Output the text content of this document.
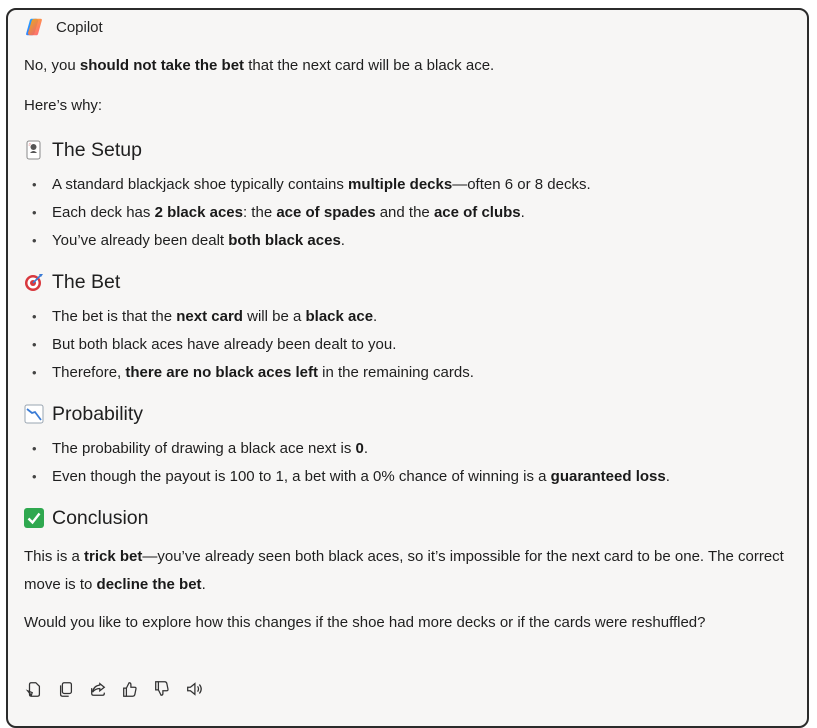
Copilot

No, you should not take the bet that the next card will be a black ace.

Here’s why:

J The Setup
• A standard blackjack shoe typically contains multiple decks—often 6 or 8 decks.
• Each deck has 2 black aces: the ace of spades and the ace of clubs.
• You’ve already been dealt both black aces.
The Bet
• The bet is that the next card will be a black ace.
• But both black aces have already been dealt to you.
• Therefore, there are no black aces left in the remaining cards.
Probability
• The probability of drawing a black ace next is 0.
• Even though the payout is 100 to 1, a bet with a 0% chance of winning is a guaranteed loss.
Conclusion

This is a trick bet—you’ve already seen both black aces, so it’s impossible for the next card to be one. The correct move is to decline the bet.

Would you like to explore how this changes if the shoe had more decks or if the cards were reshuffled?
